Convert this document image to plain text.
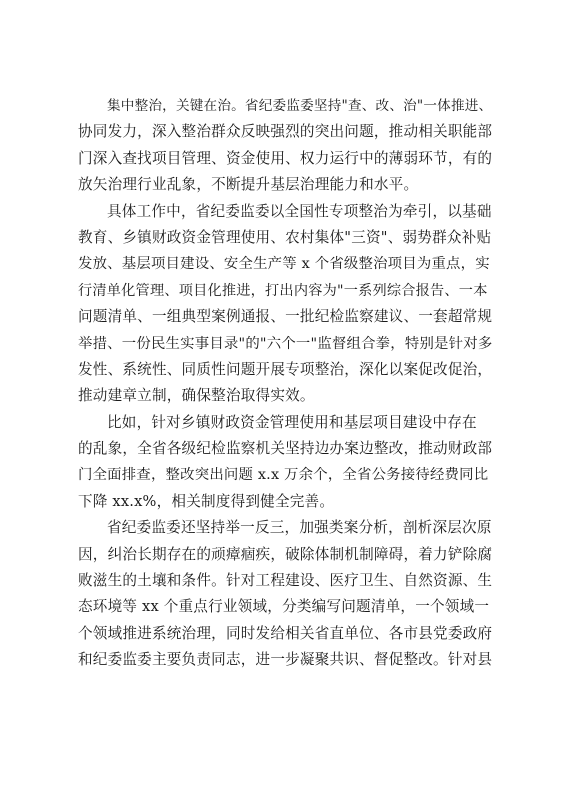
集中整治，关键在治。省纪委监委坚持"查、改、治"一体推进、
协同发力，深入整治群众反映强烈的突出问题，推动相关职能部
门深入查找项目管理、资金使用、权力运行中的薄弱环节，有的
放矢治理行业乱象，不断提升基层治理能力和水平。
具体工作中，省纪委监委以全国性专项整治为牵引，以基础
教育、乡镇财政资金管理使用、农村集体"三资"、弱势群众补贴
发放、基层项目建设、安全生产等 x 个省级整治项目为重点，实
行清单化管理、项目化推进，打出内容为"一系列综合报告、一本
问题清单、一组典型案例通报、一批纪检监察建议、一套超常规
举措、一份民生实事目录"的"六个一"监督组合拳，特别是针对多
发性、系统性、同质性问题开展专项整治，深化以案促改促治，
推动建章立制，确保整治取得实效。
比如，针对乡镇财政资金管理使用和基层项目建设中存在
的乱象，全省各级纪检监察机关坚持边办案边整改，推动财政部
门全面排查，整改突出问题 x.x 万余个，全省公务接待经费同比
下降 xx.x%，相关制度得到健全完善。
省纪委监委还坚持举一反三，加强类案分析，剖析深层次原
因，纠治长期存在的顽瘴痼疾，破除体制机制障碍，着力铲除腐
败滋生的土壤和条件。针对工程建设、医疗卫生、自然资源、生
态环境等 xx 个重点行业领域，分类编写问题清单，一个领域一
个领域推进系统治理，同时发给相关省直单位、各市县党委政府
和纪委监委主要负责同志，进一步凝聚共识、督促整改。针对县
